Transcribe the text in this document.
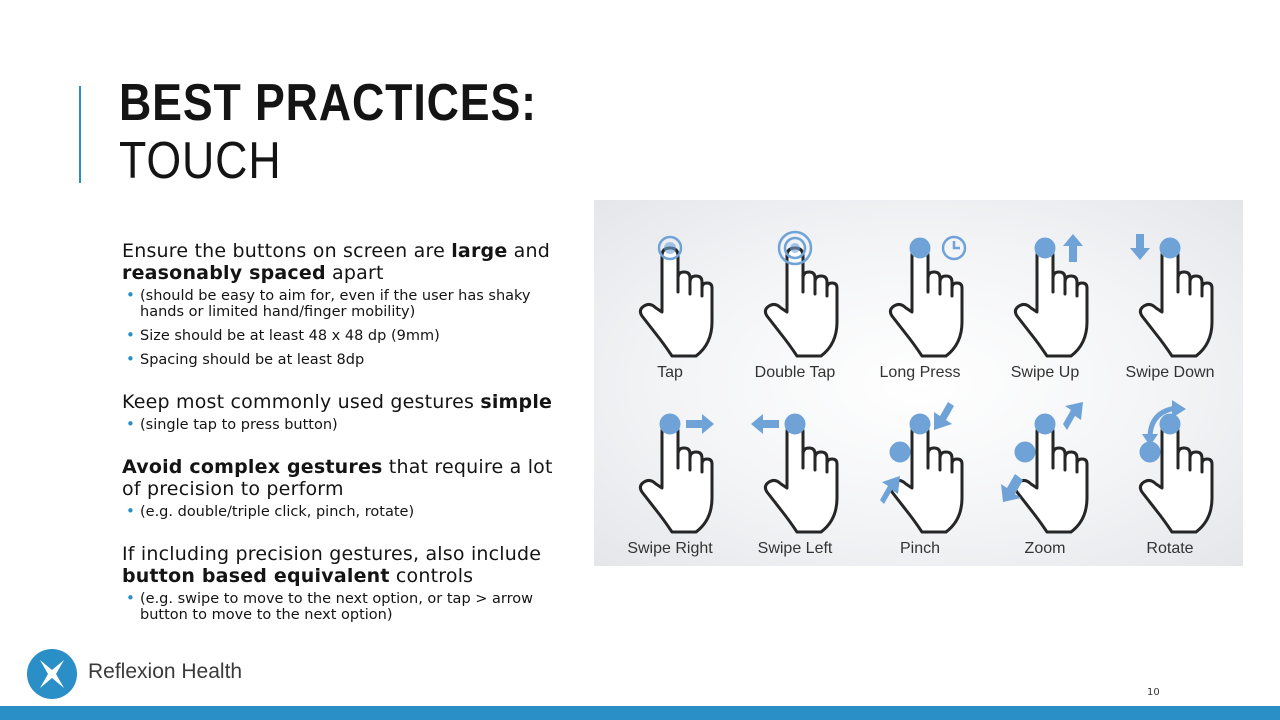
BEST PRACTICES:
TOUCH

Ensure the buttons on screen are large and reasonably spaced apart

• (should be easy to aim for, even if the user has shaky hands or limited hand/finger mobility)
• Size should be at least 48 x 48 dp (9mm)
• Spacing should be at least 8dp

Keep most commonly used gestures simple

• (single tap to press button)

Avoid complex gestures that require a lot of precision to perform

• (e.g. double/triple click, pinch, rotate)

If including precision gestures, also include button based equivalent controls

• (e.g. swipe to move to the next option, or tap > arrow button to move to the next option)
Tap	Double Tap	Long Press	Swipe Up	Swipe Down
Swipe Right	Swipe Left	Pinch	Zoom	Rotate
Reflexion Health
10
